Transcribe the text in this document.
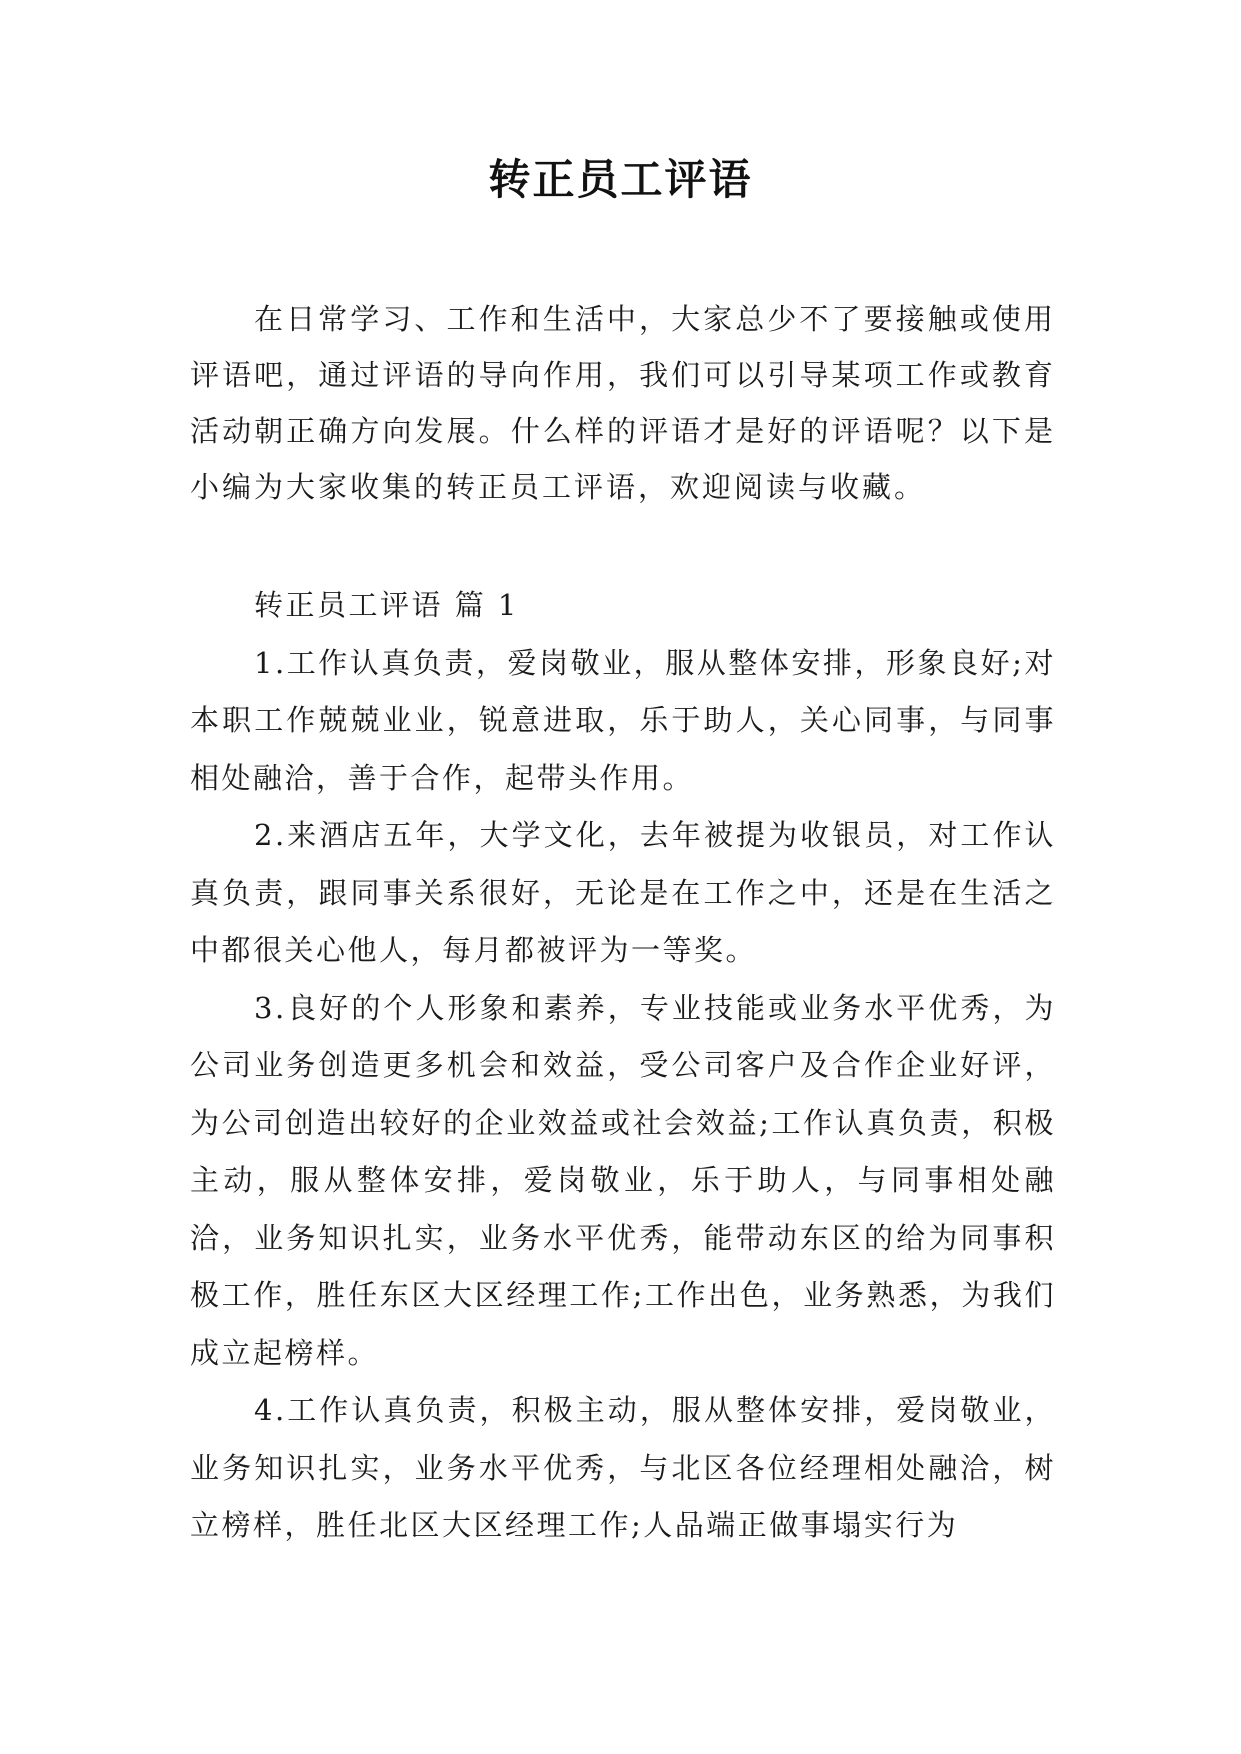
转正员工评语

在日常学习、工作和生活中，大家总少不了要接触或使用评语吧，通过评语的导向作用，我们可以引导某项工作或教育活动朝正确方向发展。什么样的评语才是好的评语呢？以下是小编为大家收集的转正员工评语，欢迎阅读与收藏。

转正员工评语 篇 1

1.工作认真负责，爱岗敬业，服从整体安排，形象良好;对本职工作兢兢业业，锐意进取，乐于助人，关心同事，与同事相处融洽，善于合作，起带头作用。

2.来酒店五年，大学文化，去年被提为收银员，对工作认真负责，跟同事关系很好，无论是在工作之中，还是在生活之中都很关心他人，每月都被评为一等奖。

3.良好的个人形象和素养，专业技能或业务水平优秀，为公司业务创造更多机会和效益，受公司客户及合作企业好评，为公司创造出较好的企业效益或社会效益;工作认真负责，积极主动，服从整体安排，爱岗敬业，乐于助人，与同事相处融洽，业务知识扎实，业务水平优秀，能带动东区的给为同事积极工作，胜任东区大区经理工作;工作出色，业务熟悉，为我们成立起榜样。

4.工作认真负责，积极主动，服从整体安排，爱岗敬业，业务知识扎实，业务水平优秀，与北区各位经理相处融洽，树立榜样，胜任北区大区经理工作;人品端正做事塌实行为
